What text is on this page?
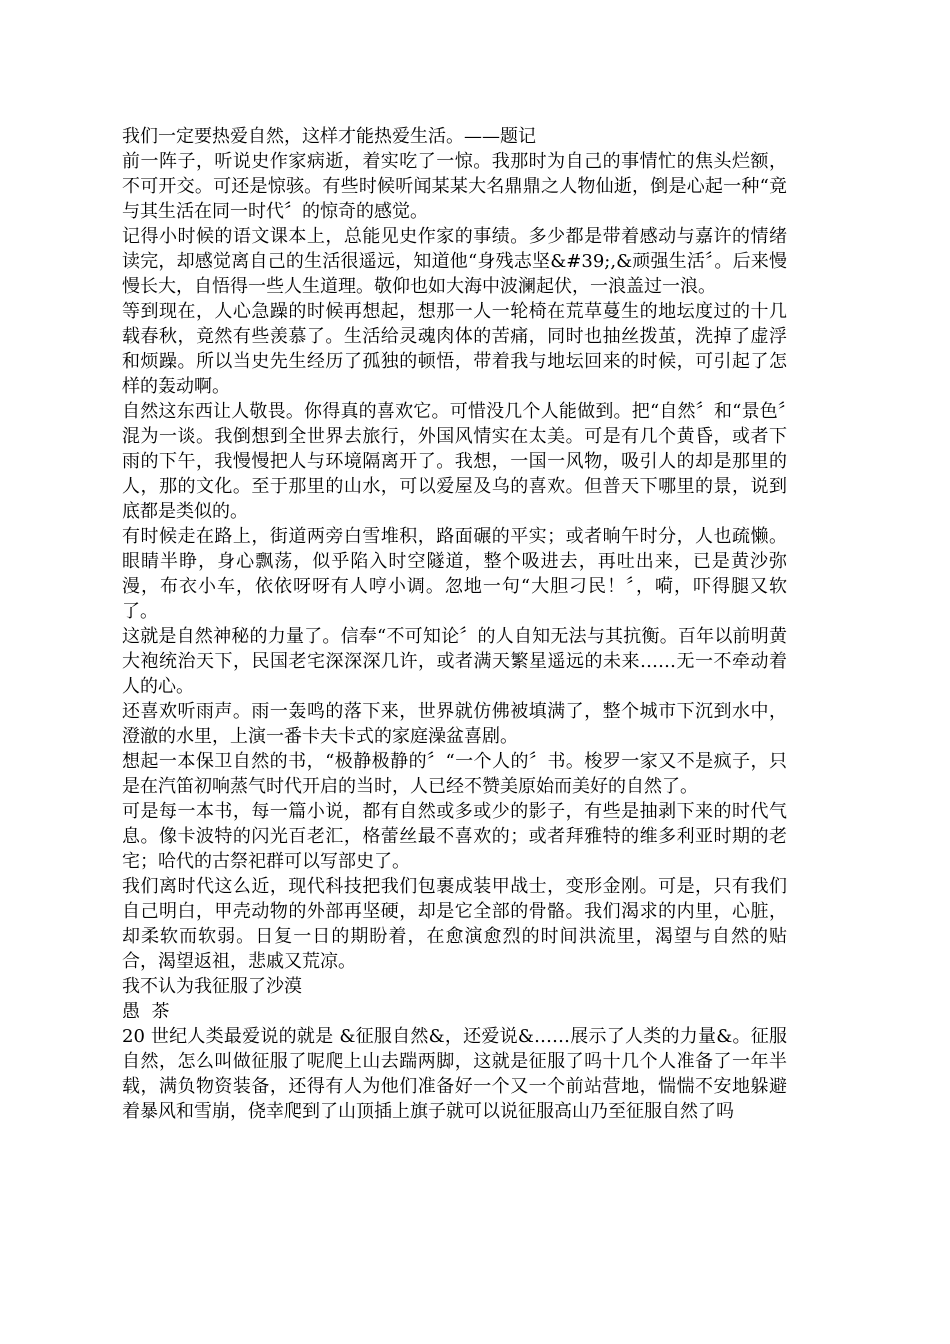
我们一定要热爱自然，这样才能热爱生活。——题记

前一阵子，听说史作家病逝，着实吃了一惊。我那时为自己的事情忙的焦头烂额，不可开交。可还是惊骇。有些时候听闻某某大名鼎鼎之人物仙逝，倒是心起一种“竟与其生活在同一时代〞的惊奇的感觉。

记得小时候的语文课本上，总能见史作家的事绩。多少都是带着感动与嘉许的情绪读完，却感觉离自己的生活很遥远，知道他“身残志坚&#39;,&顽强生活〞。后来慢慢长大，自悟得一些人生道理。敬仰也如大海中波澜起伏，一浪盖过一浪。

等到现在，人心急躁的时候再想起，想那一人一轮椅在荒草蔓生的地坛度过的十几载春秋，竟然有些羡慕了。生活给灵魂肉体的苦痛，同时也抽丝拨茧，洗掉了虚浮和烦躁。所以当史先生经历了孤独的顿悟，带着我与地坛回来的时候，可引起了怎样的轰动啊。

自然这东西让人敬畏。你得真的喜欢它。可惜没几个人能做到。把“自然〞和“景色〞混为一谈。我倒想到全世界去旅行，外国风情实在太美。可是有几个黄昏，或者下雨的下午，我慢慢把人与环境隔离开了。我想，一国一风物，吸引人的却是那里的人，那的文化。至于那里的山水，可以爱屋及乌的喜欢。但普天下哪里的景，说到底都是类似的。

有时候走在路上，街道两旁白雪堆积，路面碾的平实；或者晌午时分，人也疏懒。眼睛半睁，身心飘荡，似乎陷入时空隧道，整个吸进去，再吐出来，已是黄沙弥漫，布衣小车，依依呀呀有人哼小调。忽地一句“大胆刁民！〞，嗬，吓得腿又软了。

这就是自然神秘的力量了。信奉“不可知论〞的人自知无法与其抗衡。百年以前明黄大袍统治天下，民国老宅深深深几许，或者满天繁星遥远的未来……无一不牵动着人的心。

还喜欢听雨声。雨一轰鸣的落下来，世界就仿佛被填满了，整个城市下沉到水中，澄澈的水里，上演一番卡夫卡式的家庭澡盆喜剧。

想起一本保卫自然的书，“极静极静的〞“一个人的〞书。梭罗一家又不是疯子，只是在汽笛初响蒸气时代开启的当时，人已经不赞美原始而美好的自然了。

可是每一本书，每一篇小说，都有自然或多或少的影子，有些是抽剥下来的时代气息。像卡波特的闪光百老汇，格蕾丝最不喜欢的；或者拜雅特的维多利亚时期的老宅；哈代的古祭祀群可以写部史了。

我们离时代这么近，现代科技把我们包裹成装甲战士，变形金刚。可是，只有我们自己明白，甲壳动物的外部再坚硬，却是它全部的骨骼。我们渴求的内里，心脏，却柔软而软弱。日复一日的期盼着，在愈演愈烈的时间洪流里，渴望与自然的贴合，渴望返祖，悲戚又荒凉。

我不认为我征服了沙漠

愚  茶

20 世纪人类最爱说的就是 &征服自然&，还爱说&……展示了人类的力量&。征服自然，怎么叫做征服了呢爬上山去踹两脚，这就是征服了吗十几个人准备了一年半载，满负物资装备，还得有人为他们准备好一个又一个前站营地，惴惴不安地躲避着暴风和雪崩，侥幸爬到了山顶插上旗子就可以说征服高山乃至征服自然了吗
